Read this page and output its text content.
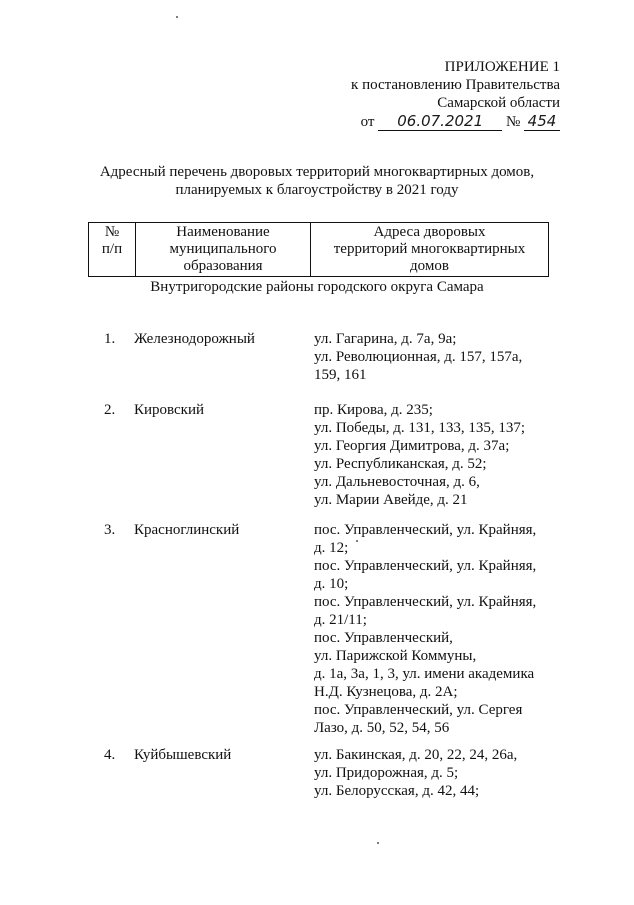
ПРИЛОЖЕНИЕ 1
к постановлению Правительства
Самарской области
от 06.07.2021 № 454
Адресный перечень дворовых территорий многоквартирных домов,
планируемых к благоустройству в 2021 году
№
п/п

Наименование
муниципального
образования

Адреса дворовых
территорий многоквартирных
домов
Внутригородские районы городского округа Самара
1. Железнодорожный	ул. Гагарина, д. 7а, 9а;
ул. Революционная, д. 157, 157а,
159, 161
2. Кировский	пр. Кирова, д. 235;
ул. Победы, д. 131, 133, 135, 137;
ул. Георгия Димитрова, д. 37а;
ул. Республиканская, д. 52;
ул. Дальневосточная, д. 6,
ул. Марии Авейде, д. 21
3. Красноглинский	пос. Управленческий, ул. Крайняя,
д. 12;
пос. Управленческий, ул. Крайняя,
д. 10;
пос. Управленческий, ул. Крайняя,
д. 21/11;
пос. Управленческий,
ул. Парижской Коммуны,
д. 1а, 3а, 1, 3, ул. имени академика
Н.Д. Кузнецова, д. 2А;
пос. Управленческий, ул. Сергея
Лазо, д. 50, 52, 54, 56
4. Куйбышевский	ул. Бакинская, д. 20, 22, 24, 26а,
ул. Придорожная, д. 5;
ул. Белорусская, д. 42, 44;
